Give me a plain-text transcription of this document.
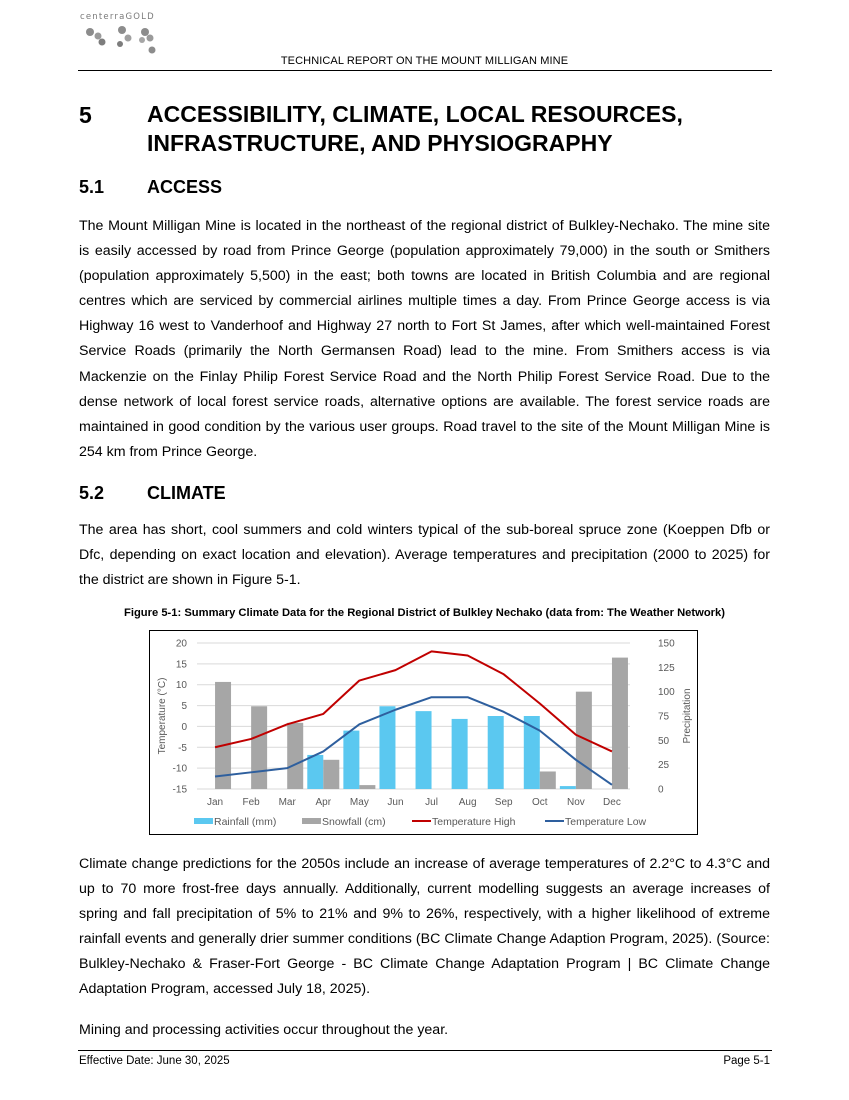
centerraGOLD
TECHNICAL REPORT ON THE MOUNT MILLIGAN MINE
5 ACCESSIBILITY, CLIMATE, LOCAL RESOURCES, INFRASTRUCTURE, AND PHYSIOGRAPHY
5.1 ACCESS

The Mount Milligan Mine is located in the northeast of the regional district of Bulkley-Nechako. The mine site is easily accessed by road from Prince George (population approximately 79,000) in the south or Smithers (population approximately 5,500) in the east; both towns are located in British Columbia and are regional centres which are serviced by commercial airlines multiple times a day. From Prince George access is via Highway 16 west to Vanderhoof and Highway 27 north to Fort St James, after which well-maintained Forest Service Roads (primarily the North Germansen Road) lead to the mine. From Smithers access is via Mackenzie on the Finlay Philip Forest Service Road and the North Philip Forest Service Road. Due to the dense network of local forest service roads, alternative options are available. The forest service roads are maintained in good condition by the various user groups. Road travel to the site of the Mount Milligan Mine is 254 km from Prince George.

5.2 CLIMATE

The area has short, cool summers and cold winters typical of the sub-boreal spruce zone (Koeppen Dfb or Dfc, depending on exact location and elevation). Average temperatures and precipitation (2000 to 2025) for the district are shown in Figure 5-1.

Figure 5-1: Summary Climate Data for the Regional District of Bulkley Nechako (data from: The Weather Network)
20
15
10
5
0
-5
-10
-15
150
125
100
75
50
25
0
Jan Feb Mar Apr May Jun Jul Aug Sep Oct Nov Dec
Temperature (°C)	Precipitation
Rainfall (mm)	Snowfall (cm)	Temperature High	Temperature Low

Climate change predictions for the 2050s include an increase of average temperatures of 2.2°C to 4.3°C and up to 70 more frost-free days annually. Additionally, current modelling suggests an average increases of spring and fall precipitation of 5% to 21% and 9% to 26%, respectively, with a higher likelihood of extreme rainfall events and generally drier summer conditions (BC Climate Change Adaption Program, 2025). (Source: Bulkley-Nechako & Fraser-Fort George - BC Climate Change Adaptation Program | BC Climate Change Adaptation Program, accessed July 18, 2025).

Mining and processing activities occur throughout the year.

Effective Date: June 30, 2025	Page 5-1
